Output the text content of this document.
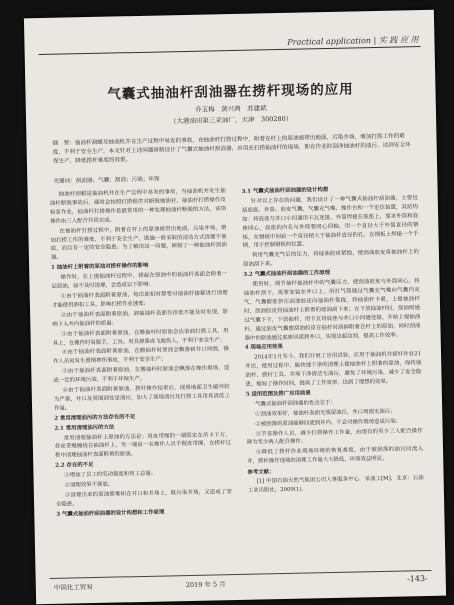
Practical application | 实 践 应 用
气囊式抽油杆刮油器在捞杆现场的应用
乔玉梅　黄兴鸿　苏建斌
（大港油田第三采油厂，天津　300280）
摘　要：抽油杆刮蜡及抽油机井在生产过程中易发的事故，在抽油杆打捞过程中，附着在杆上的原油被带出地面，污染井场，增加打捞工作的难度，不利于安全生产。本文针对上述问题研制设计了气囊式抽油杆刮油器，应用在打捞抽油杆的现场，即在作业时刮净抽油杆的油污，达到安全环保生产，降低捞杆难度的效果。
关键词：刮油器；气囊；刮油；污染；环保

抽油杆刮蜡是抽油机井在生产过程中易发的事故，当抽油机井发生抽油杆断脱事故后，通常会按照打捞程序对断脱抽油杆、抽油杆打捞操作及检泵作业，抽油杆打捞操作是最常用的一种处理抽油杆断脱的方法，该项操作由三人配合共同完成。

在抽油杆打捞过程中，附着在杆上的原油被带出地面，污染井场，增加打捞工作的难度，不利于安全生产，既施一般采取的清洁方式清理不彻底，而且有一定的安全隐患。为了解决这一问题，研制了一种抽油杆刮油器。

1 抽油杆上附着的原油对捞杆操作的影响

操作时，在上提抽油杆过程中，捞起在原油中的抽油杆表面会附着一层原油，如不及时清理，会造成以下影响：

①由于抽油杆表面附着原油，每次卸扣时都要对抽油杆接箍进行清理才能使用卸扣工具，影响打捞作业速度；

②由于抽油杆表面附着原油，卸抽抽杆表面有很低不能及时发现，影响下入井内抽油杆的质量；

③由于抽油杆表面附着原油，在搬抽杆时原油会沾染到打捞工具，用具上，在搬件时易脱手，工具、用具掉落或飞脱伤人，不利于安全生产；

④由于抽油杆表面附着原油，在搬抽杆时原油会飘落到井口周围，操作人员易发生滑倒摔伤事故，不利于安全生产；

⑤由于抽油杆表面附着原油，在搬抽杆时原油会飘落在操作现场，造成一定的环境污染，不利于环保生产。

⑥由于抽油杆表面附着原油，捞杆操作结束后，现场地面卫生破坏较为严重，井口及周围到处是油污，加大了现场清污及打捞工具用具清洗工作量。

2 常用清理油污的方法存在的不足
2.1 常用清理油污的方法

常用清理抽油杆上原油的方法是：用皮带绳的一端固定在吊卡下方，将皮带绳缠绕在抽油杆上，另一端由一名操作人员手握皮带绳，在捞杆过程中清理抽油杆表面附着的原油。

2.2 存在的不足

①增加了员工的劳动强度和用工总量；

②清理效果不彻底；

③清理出来的原油都堆积在井口和井场上，既污染井场，又造成了安全隐患。

3 气囊式抽油杆刮油器的设计构想和工作原理
3.1 气囊式抽油杆刮油器的设计构想

针对以上存在的问题，我们设计了一种气囊式抽油杆刮油器，主要包括底座、外筒、胶皮气囊、气囊充气嘴、操作台和一个定位装置，其结构如：将底座与井口小四通用卡瓦连接，外筒焊接在底座上，要求外筒和底座同心，底座的内孔与外筒要同心同轴，用一个直径大于外筒直径的钢板，在钢板中间钻一个直径稍大于抽油杆直径的孔，在钢板上焊接一个手柄，用于控制钢板的位置。

利用气囊充气后的压力，将抽油胶皮紧抱，使刮油胶皮将抽油杆上的原油刮下来。

3.2 气囊式抽油杆刮油器的工作原理

使用时，调节抽杆抽油杆中的气囊压力，使刮油胶皮与外筒同心，将抽油杆刮下，需要安装在井口上，用打气筒通过气囊充气嘴向气囊内充气，气囊膨胀挤压刮油胶皮向抽油杆靠拢，将抽油杆卡紧，上提抽油杆时，刮油胶皮将抽油杆上附着的原油刮下来；在下放抽油杆时，原油则通过气囊下卡，下放抽杆，用卡瓦将底座与井口小四通连接，开始上提抽油杆，通过胶皮气囊使刮油胶皮在抽杆时刮掉附着在杆上的原油，同时刮油器中的原油通过底座回流到井口，实现边起边刮，提高工作效率。

4 现场应用效果

2014年1月至今，我们开展了应用试验，应用于抽油机井捞杆作业21井次，使用过程中，能快速干净的清理上提抽油杆上附着的原油，保持抽油杆、捞杆工具、井场干净清洁无油污，避免了环境污染，减少了安全隐患，缩短了操作时间，提高了工作效率，达到了理想的效果。

5 适用范围及推广应用前景

气囊式抽油杆刮油器的优点在于：

①刮油效果好，抽油杆表面无残留油污，井口周围无油污；

②被刮落的原油能够回流到井内，不会对操作现场造成污染；

③节省操作人员，减少打捞操作工作量，由现有的至少三人配合操作降为至少两人配合操作；

④降低了捞杆作业现场环境的恢复难度，由于被刮落的油污回流入井，捞杆操作现场的清理工作量大大降低，环保效益明显。

参考文献：

[1] 中国石油天然气集团公司人事服务中心．采油工[M]．北京：石油工业出版社，2009(1)．

中国化工贸易	2019 年 5 月
-143-
